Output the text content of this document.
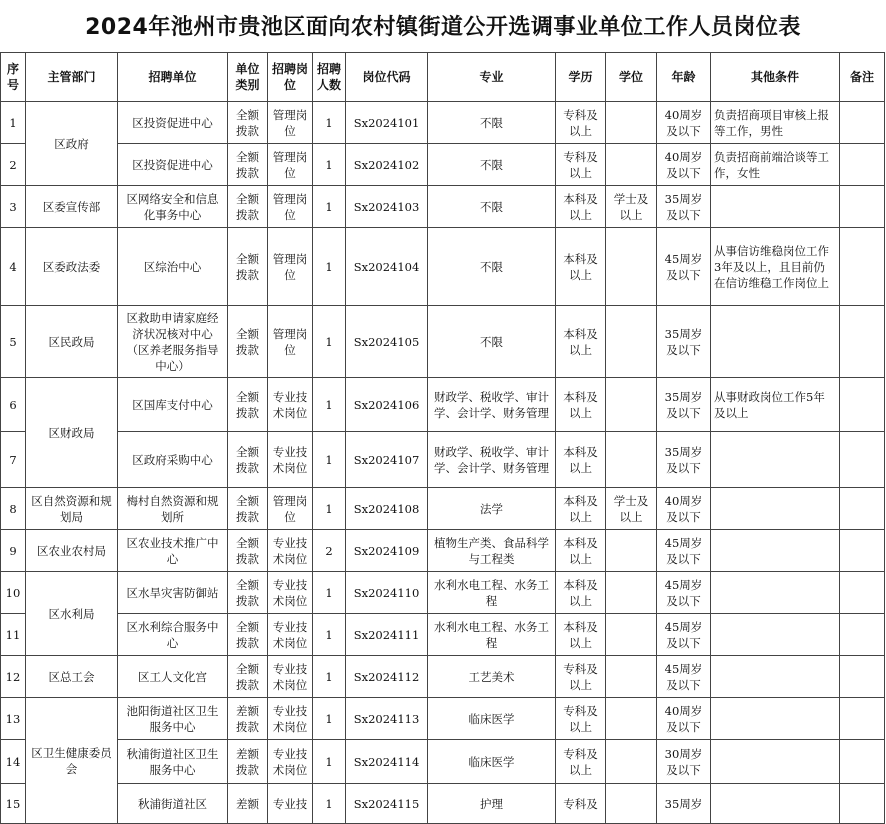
2024年池州市贵池区面向农村镇街道公开选调事业单位工作人员岗位表
序号	主管部门	招聘单位	单位类别	招聘岗位	招聘人数	岗位代码	专业	学历	学位	年龄	其他条件	备注
1	区政府	区投资促进中心	全额拨款	管理岗位	1	Sx2024101	不限	专科及以上		40周岁及以下	负责招商项目审核上报等工作，男性	
2		区投资促进中心	全额拨款	管理岗位	1	Sx2024102	不限	专科及以上		40周岁及以下	负责招商前端洽谈等工作，女性	
3	区委宣传部	区网络安全和信息化事务中心	全额拨款	管理岗位	1	Sx2024103	不限	本科及以上	学士及以上	35周岁及以下		
4	区委政法委	区综治中心	全额拨款	管理岗位	1	Sx2024104	不限	本科及以上		45周岁及以下	从事信访维稳岗位工作3年及以上，且目前仍在信访维稳工作岗位上	
5	区民政局	区救助申请家庭经济状况核对中心（区养老服务指导中心）	全额拨款	管理岗位	1	Sx2024105	不限	本科及以上		35周岁及以下		
6	区财政局	区国库支付中心	全额拨款	专业技术岗位	1	Sx2024106	财政学、税收学、审计学、会计学、财务管理	本科及以上		35周岁及以下	从事财政岗位工作5年及以上	
7		区政府采购中心	全额拨款	专业技术岗位	1	Sx2024107	财政学、税收学、审计学、会计学、财务管理	本科及以上		35周岁及以下		
8	区自然资源和规划局	梅村自然资源和规划所	全额拨款	管理岗位	1	Sx2024108	法学	本科及以上	学士及以上	40周岁及以下		
9	区农业农村局	区农业技术推广中心	全额拨款	专业技术岗位	2	Sx2024109	植物生产类、食品科学与工程类	本科及以上		45周岁及以下		
10	区水利局	区水旱灾害防御站	全额拨款	专业技术岗位	1	Sx2024110	水利水电工程、水务工程	本科及以上		45周岁及以下		
11		区水利综合服务中心	全额拨款	专业技术岗位	1	Sx2024111	水利水电工程、水务工程	本科及以上		45周岁及以下		
12	区总工会	区工人文化宫	全额拨款	专业技术岗位	1	Sx2024112	工艺美术	专科及以上		45周岁及以下		
13	区卫生健康委员会	池阳街道社区卫生服务中心	差额拨款	专业技术岗位	1	Sx2024113	临床医学	专科及以上		40周岁及以下		
14		秋浦街道社区卫生服务中心	差额拨款	专业技术岗位	1	Sx2024114	临床医学	专科及以上		30周岁及以下		
15		秋浦街道社区	差额	专业技	1	Sx2024115	护理	专科及		35周岁		
